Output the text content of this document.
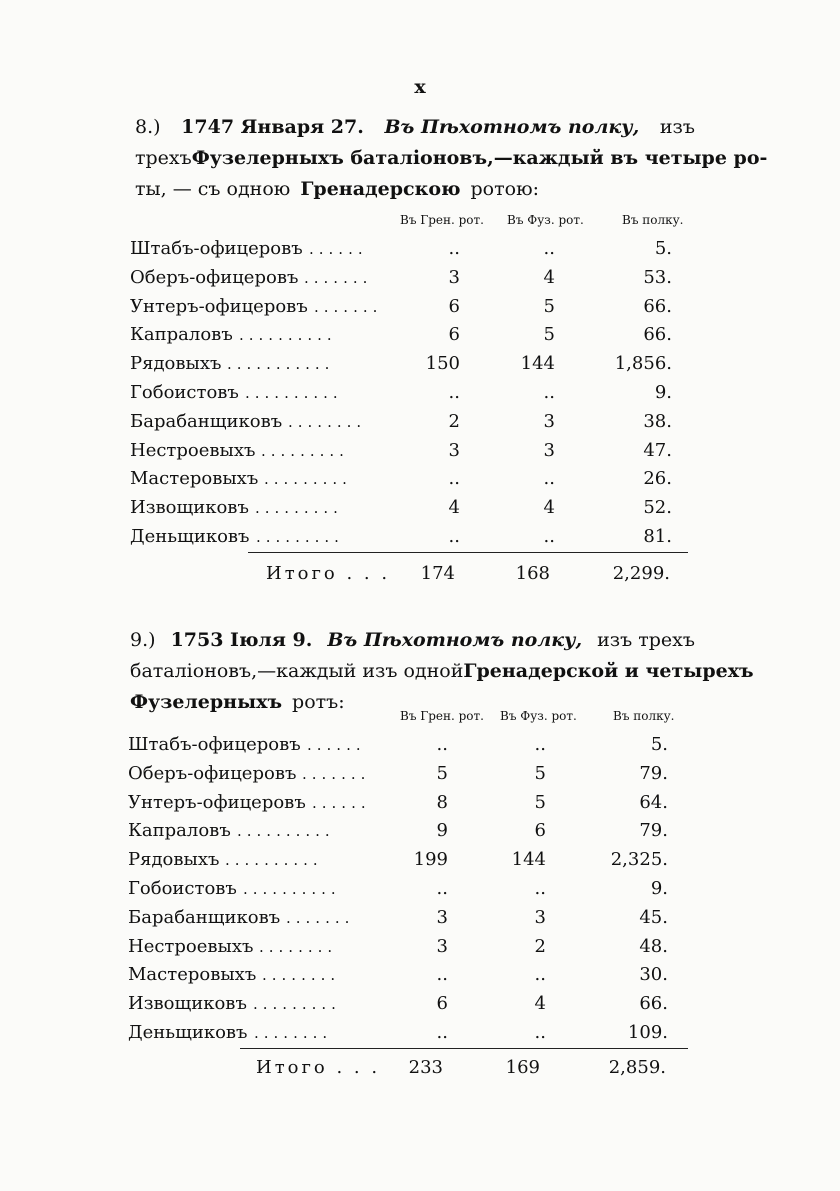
x
8.) 1747 Января 27. Въ Пѣхотномъ полку, изъ
трехъ Фузелерныхъ баталіоновъ,—каждый въ четыре ро-
ты, — съ одною Гренадерскою ротою:
Въ Грен. рот. Въ Фуз. рот.	Въ полку.
Штабъ-офицеровъ	..	..	5.
......
Оберъ-офицеровъ	3	4	53.
.......
Унтеръ-офицеровъ	6	5	66.
.......
Капраловъ	6	5	66.
..........
Рядовыхъ	150	144	1,856.
...........
Гобоистовъ	..	..	9.
..........
Барабанщиковъ	2	3	38.
........
Нестроевыхъ	3	3	47.
.........
Мастеровыхъ	..	..	26.
.........
Извощиковъ	4	4	52.
.........
Деньщиковъ	..	..	81.
.........
Итого . . .	174	168	2,299.
9.) 1753 Іюля 9. Въ Пѣхотномъ полку, изъ трехъ
баталіоновъ,—каждый изъ одной Гренадерской и четырехъ
Фузелерныхъ ротъ:
Въ Грен. рот. Въ Фуз. рот.	Въ полку.
Штабъ-офицеровъ	..	..	5.
......
Оберъ-офицеровъ	5	5	79.
.......
Унтеръ-офицеровъ	8	5	64.
......
Капраловъ	9	6	79.
..........
Рядовыхъ	199	144	2,325.
..........
Гобоистовъ	..	..	9.
..........
Барабанщиковъ	3	3	45.
.......
Нестроевыхъ	3	2	48.
........
Мастеровыхъ	..	..	30.
........
Извощиковъ	6	4	66.
.........
Деньщиковъ	..	..	109.
........
Итого . . .	233	169	2,859.
